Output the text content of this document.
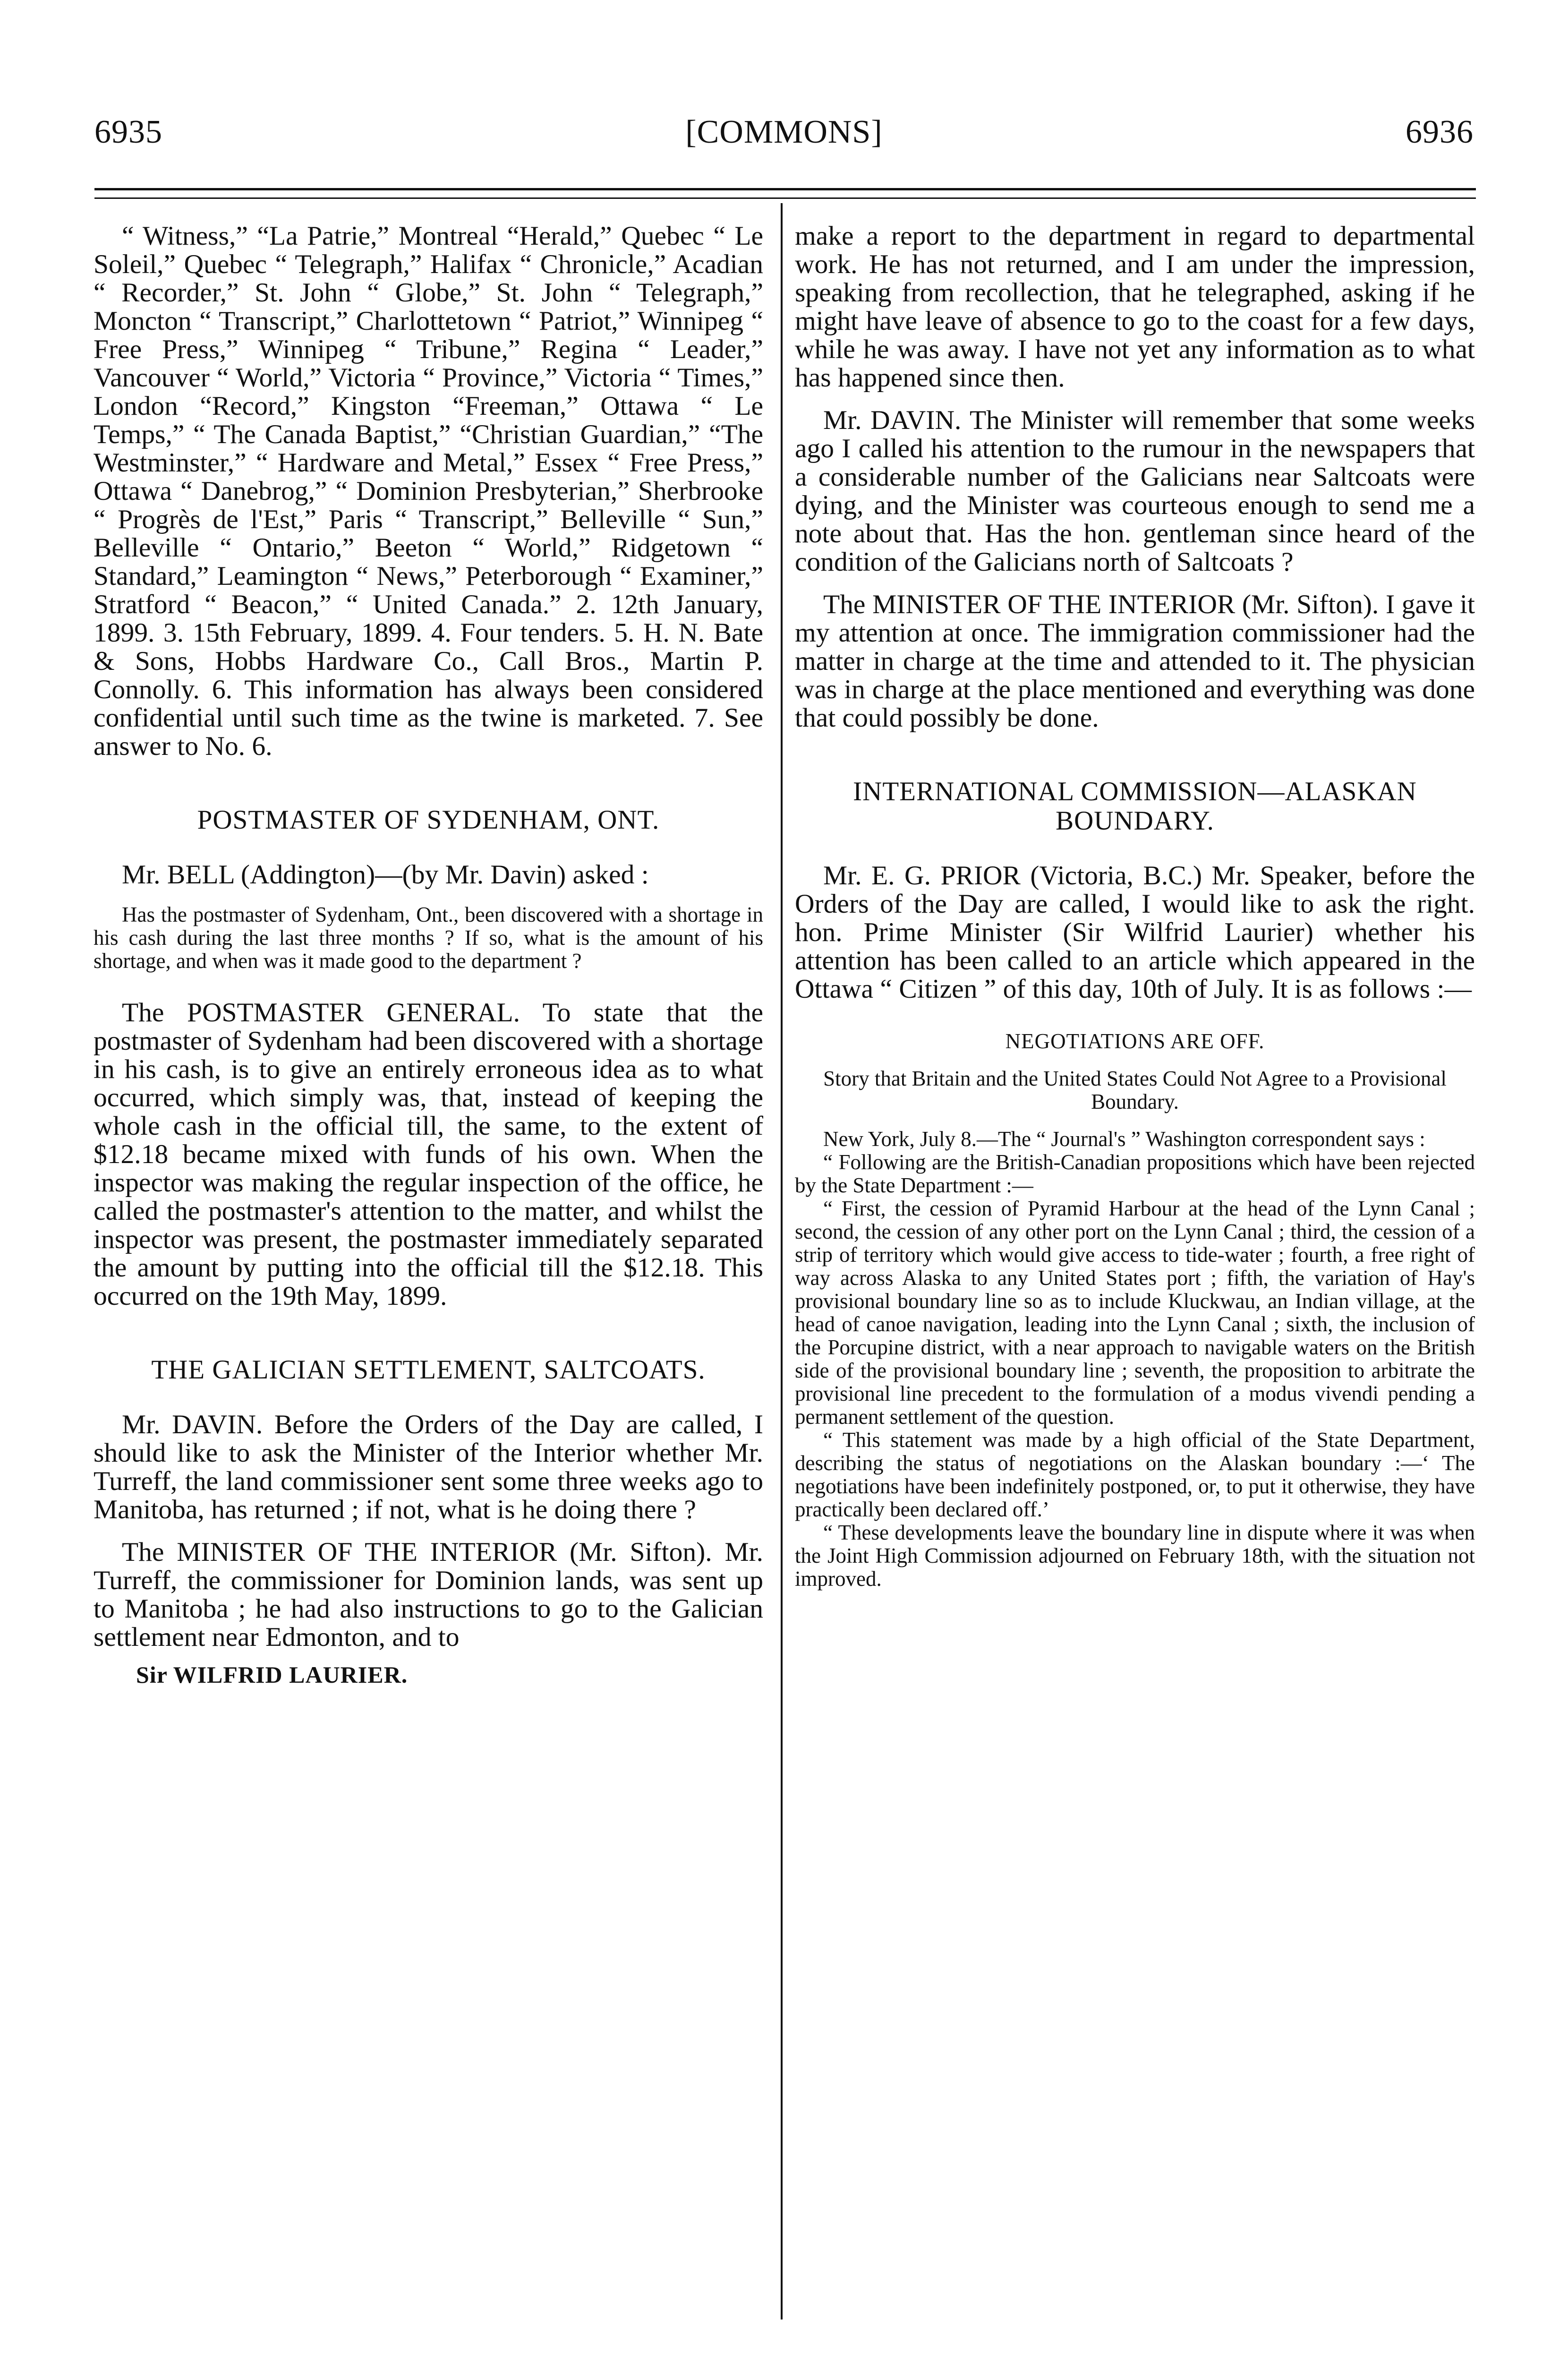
6935	[COMMONS]	6936

“ Witness,” “La Patrie,” Montreal “Herald,” Quebec “ Le Soleil,” Quebec “ Telegraph,” Halifax “ Chronicle,” Acadian “ Recorder,” St. John “ Globe,” St. John “ Telegraph,” Moncton “ Transcript,” Charlottetown “ Patriot,” Winnipeg “ Free Press,” Winnipeg “ Tribune,” Regina “ Leader,” Vancouver “ World,” Victoria “ Province,” Victoria “ Times,” London “Record,” Kingston “Freeman,” Ottawa “ Le Temps,” “ The Canada Baptist,” “Christian Guardian,” “The Westminster,” “ Hardware and Metal,” Essex “ Free Press,” Ottawa “ Danebrog,” “ Dominion Presbyterian,” Sherbrooke “ Progrès de l'Est,” Paris “ Transcript,” Belleville “ Sun,” Belleville “ Ontario,” Beeton “ World,” Ridgetown “ Standard,” Leamington “ News,” Peterborough “ Examiner,” Stratford “ Beacon,” “ United Canada.” 2. 12th January, 1899. 3. 15th February, 1899. 4. Four tenders. 5. H. N. Bate & Sons, Hobbs Hardware Co., Call Bros., Martin P. Connolly. 6. This information has always been considered confidential until such time as the twine is marketed. 7. See answer to No. 6.

POSTMASTER OF SYDENHAM, ONT.

Mr. BELL (Addington)—(by Mr. Davin) asked :

Has the postmaster of Sydenham, Ont., been discovered with a shortage in his cash during the last three months ? If so, what is the amount of his shortage, and when was it made good to the department ?

The POSTMASTER GENERAL. To state that the postmaster of Sydenham had been discovered with a shortage in his cash, is to give an entirely erroneous idea as to what occurred, which simply was, that, instead of keeping the whole cash in the official till, the same, to the extent of $12.18 became mixed with funds of his own. When the inspector was making the regular inspection of the office, he called the postmaster's attention to the matter, and whilst the inspector was present, the postmaster immediately separated the amount by putting into the official till the $12.18. This occurred on the 19th May, 1899.

THE GALICIAN SETTLEMENT, SALTCOATS.

Mr. DAVIN. Before the Orders of the Day are called, I should like to ask the Minister of the Interior whether Mr. Turreff, the land commissioner sent some three weeks ago to Manitoba, has returned ; if not, what is he doing there ?

The MINISTER OF THE INTERIOR (Mr. Sifton). Mr. Turreff, the commissioner for Dominion lands, was sent up to Manitoba ; he had also instructions to go to the Galician settlement near Edmonton, and to

Sir WILFRID LAURIER.

make a report to the department in regard to departmental work. He has not returned, and I am under the impression, speaking from recollection, that he telegraphed, asking if he might have leave of absence to go to the coast for a few days, while he was away. I have not yet any information as to what has happened since then.

Mr. DAVIN. The Minister will remember that some weeks ago I called his attention to the rumour in the newspapers that a considerable number of the Galicians near Saltcoats were dying, and the Minister was courteous enough to send me a note about that. Has the hon. gentleman since heard of the condition of the Galicians north of Saltcoats ?

The MINISTER OF THE INTERIOR (Mr. Sifton). I gave it my attention at once. The immigration commissioner had the matter in charge at the time and attended to it. The physician was in charge at the place mentioned and everything was done that could possibly be done.

INTERNATIONAL COMMISSION—ALASKAN BOUNDARY.

Mr. E. G. PRIOR (Victoria, B.C.) Mr. Speaker, before the Orders of the Day are called, I would like to ask the right. hon. Prime Minister (Sir Wilfrid Laurier) whether his attention has been called to an article which appeared in the Ottawa “ Citizen ” of this day, 10th of July. It is as follows :—

NEGOTIATIONS ARE OFF.

Story that Britain and the United States Could Not Agree to a Provisional Boundary.

New York, July 8.—The “ Journal's ” Washington correspondent says :

“ Following are the British-Canadian propositions which have been rejected by the State Department :—

“ First, the cession of Pyramid Harbour at the head of the Lynn Canal ; second, the cession of any other port on the Lynn Canal ; third, the cession of a strip of territory which would give access to tide-water ; fourth, a free right of way across Alaska to any United States port ; fifth, the variation of Hay's provisional boundary line so as to include Kluckwau, an Indian village, at the head of canoe navigation, leading into the Lynn Canal ; sixth, the inclusion of the Porcupine district, with a near approach to navigable waters on the British side of the provisional boundary line ; seventh, the proposition to arbitrate the provisional line precedent to the formulation of a modus vivendi pending a permanent settlement of the question.

“ This statement was made by a high official of the State Department, describing the status of negotiations on the Alaskan boundary :—‘ The negotiations have been indefinitely postponed, or, to put it otherwise, they have practically been declared off.’

“ These developments leave the boundary line in dispute where it was when the Joint High Commission adjourned on February 18th, with the situation not improved.
